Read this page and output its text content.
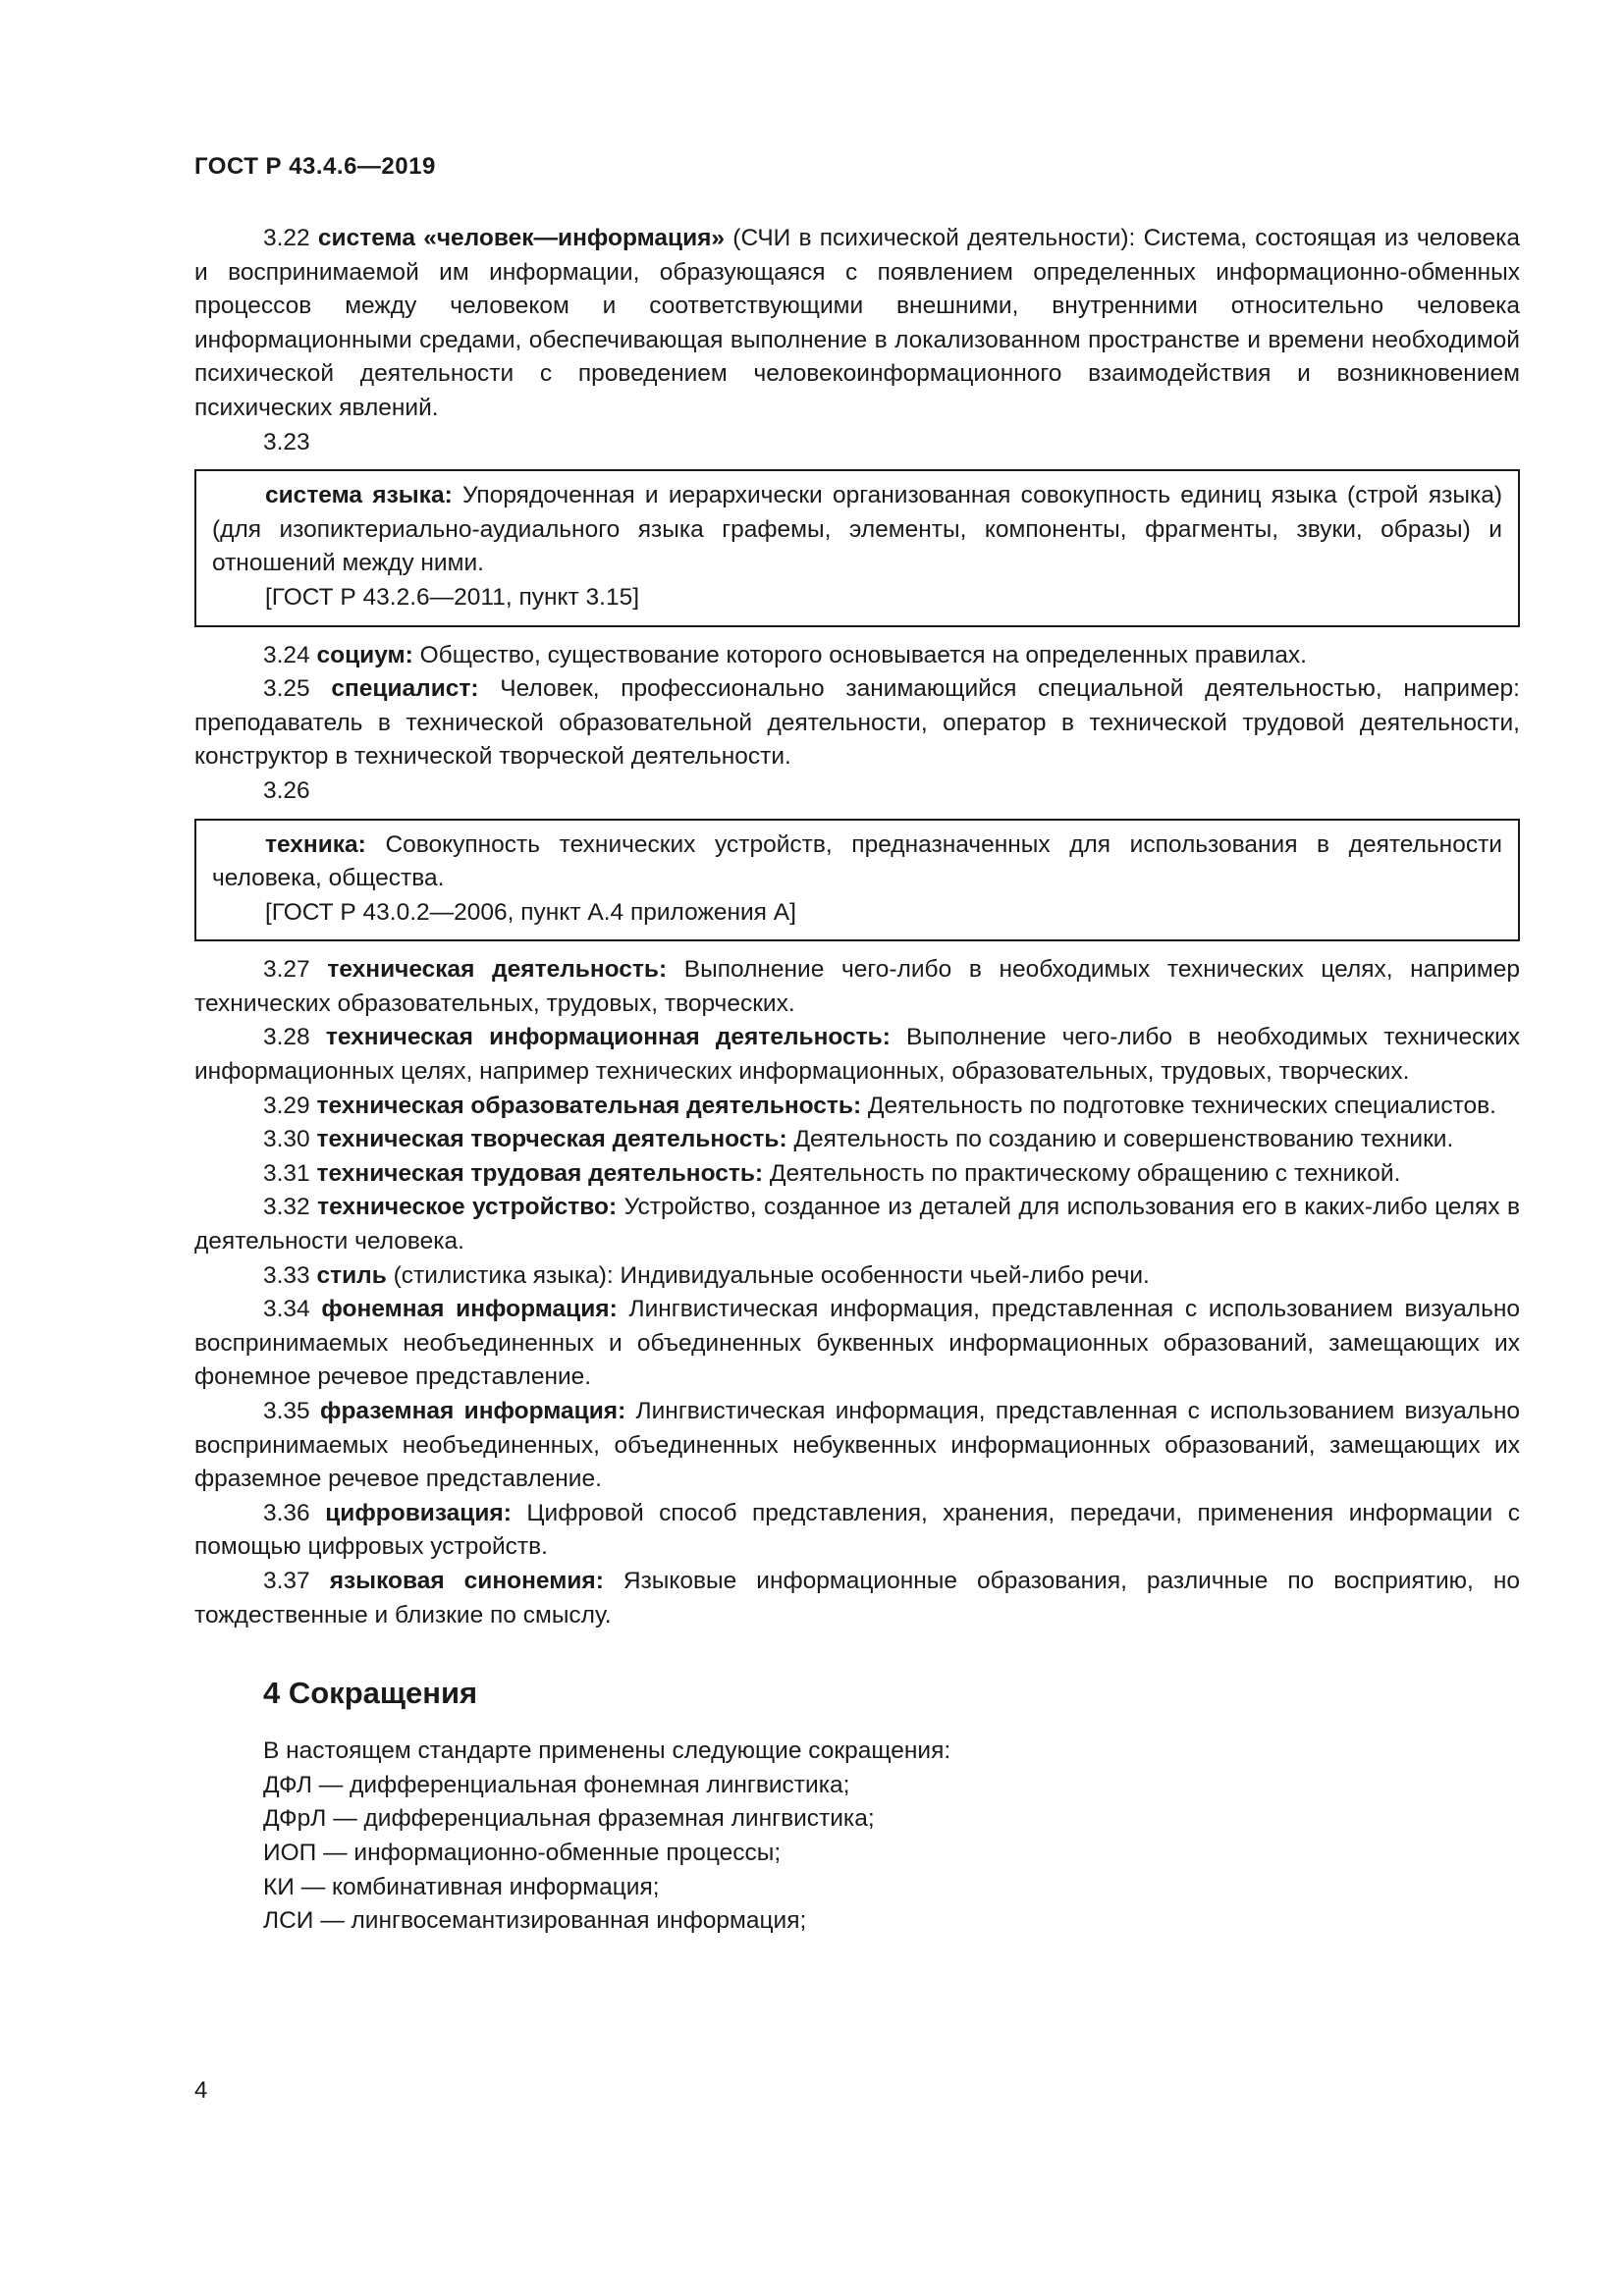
ГОСТ Р 43.4.6—2019

3.22 система «человек—информация» (СЧИ в психической деятельности): Система, состоящая из человека и воспринимаемой им информации, образующаяся с появлением определенных информационно-обменных процессов между человеком и соответствующими внешними, внутренними относительно человека информационными средами, обеспечивающая выполнение в локализованном пространстве и времени необходимой психической деятельности с проведением человекоинформационного взаимодействия и возникновением психических явлений.

3.23

система языка: Упорядоченная и иерархически организованная совокупность единиц языка (строй языка) (для изопиктериально-аудиального языка графемы, элементы, компоненты, фрагменты, звуки, образы) и отношений между ними.

[ГОСТ Р 43.2.6—2011, пункт 3.15]

3.24 социум: Общество, существование которого основывается на определенных правилах.

3.25 специалист: Человек, профессионально занимающийся специальной деятельностью, например: преподаватель в технической образовательной деятельности, оператор в технической трудовой деятельности, конструктор в технической творческой деятельности.

3.26

техника: Совокупность технических устройств, предназначенных для использования в деятельности человека, общества.

[ГОСТ Р 43.0.2—2006, пункт А.4 приложения А]

3.27 техническая деятельность: Выполнение чего-либо в необходимых технических целях, например технических образовательных, трудовых, творческих.

3.28 техническая информационная деятельность: Выполнение чего-либо в необходимых технических информационных целях, например технических информационных, образовательных, трудовых, творческих.

3.29 техническая образовательная деятельность: Деятельность по подготовке технических специалистов.

3.30 техническая творческая деятельность: Деятельность по созданию и совершенствованию техники.

3.31 техническая трудовая деятельность: Деятельность по практическому обращению с техникой.

3.32 техническое устройство: Устройство, созданное из деталей для использования его в каких-либо целях в деятельности человека.

3.33 стиль (стилистика языка): Индивидуальные особенности чьей-либо речи.

3.34 фонемная информация: Лингвистическая информация, представленная с использованием визуально воспринимаемых необъединенных и объединенных буквенных информационных образований, замещающих их фонемное речевое представление.

3.35 фраземная информация: Лингвистическая информация, представленная с использованием визуально воспринимаемых необъединенных, объединенных небуквенных информационных образований, замещающих их фраземное речевое представление.

3.36 цифровизация: Цифровой способ представления, хранения, передачи, применения информации с помощью цифровых устройств.

3.37 языковая синонемия: Языковые информационные образования, различные по восприятию, но тождественные и близкие по смыслу.

4 Сокращения

В настоящем стандарте применены следующие сокращения:

ДФЛ — дифференциальная фонемная лингвистика;

ДФрЛ — дифференциальная фраземная лингвистика;

ИОП — информационно-обменные процессы;

КИ — комбинативная информация;

ЛСИ — лингвосемантизированная информация;

4
